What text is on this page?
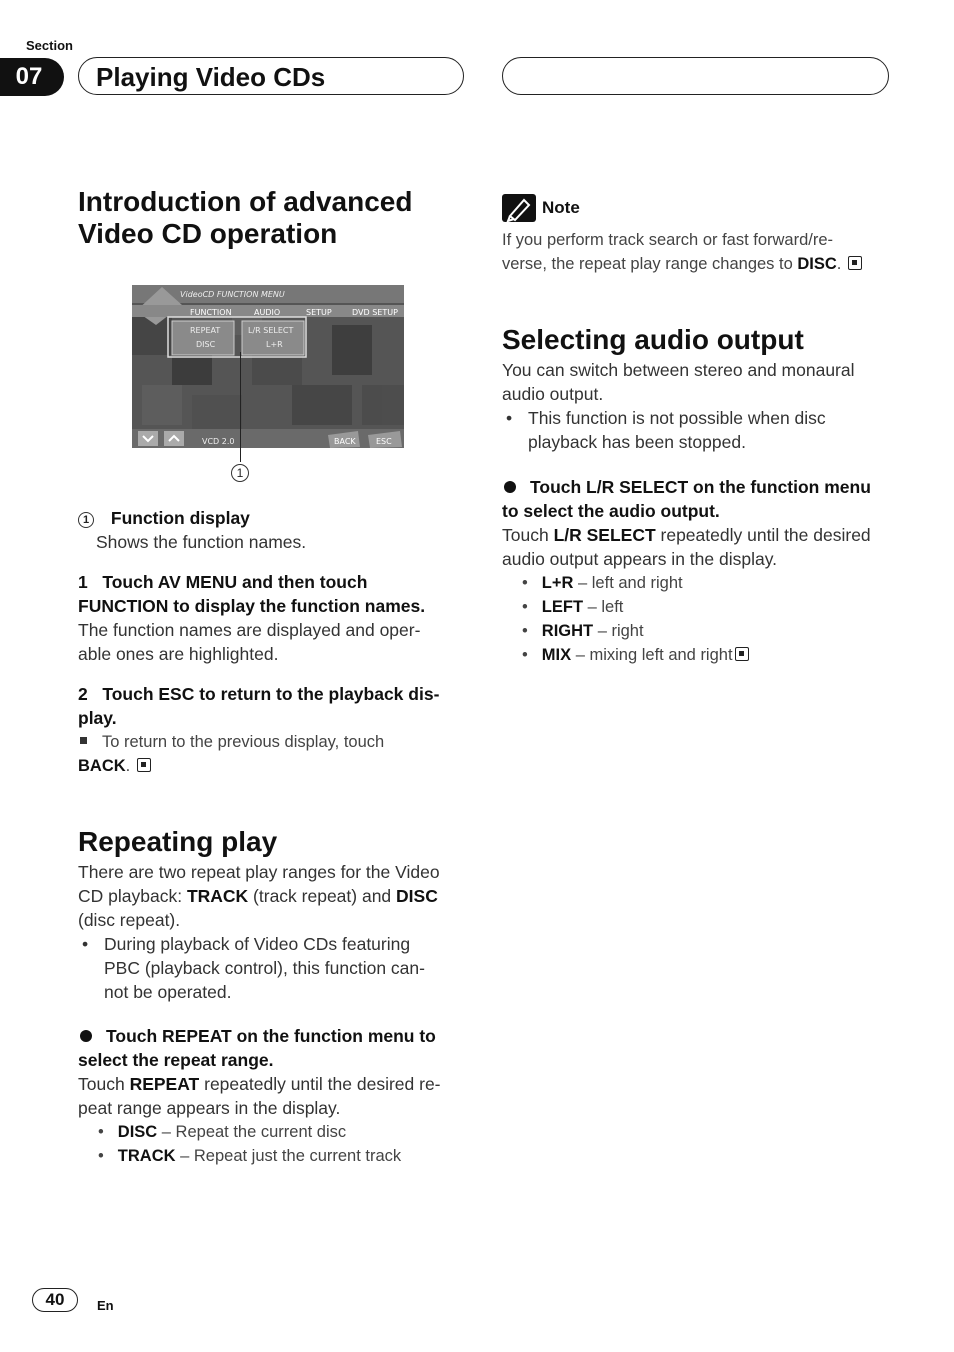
Section
07	Playing Video CDs
Introduction of advanced
Video CD operation
VideoCD FUNCTION MENU
FUNCTION	AUDIO	SETUP	DVD SETUP
REPEAT
DISC
L/R SELECT
L+R
VCD 2.0	BACK	ESC
1
1 Function display
Shows the function names.
1   Touch AV MENU and then touch
FUNCTION to display the function names.
The function names are displayed and oper-
able ones are highlighted.
2   Touch ESC to return to the playback dis-
play.
To return to the previous display, touch
BACK.
Repeating play
There are two repeat play ranges for the Video
CD playback: TRACK (track repeat) and DISC
(disc repeat).
• During playback of Video CDs featuring
PBC (playback control), this function can-
not be operated.
Touch REPEAT on the function menu to
select the repeat range.
Touch REPEAT repeatedly until the desired re-
peat range appears in the display.
• DISC – Repeat the current disc
• TRACK – Repeat just the current track
Note
If you perform track search or fast forward/re-
verse, the repeat play range changes to DISC.
Selecting audio output
You can switch between stereo and monaural
audio output.
• This function is not possible when disc
playback has been stopped.
Touch L/R SELECT on the function menu
to select the audio output.
Touch L/R SELECT repeatedly until the desired
audio output appears in the display.
• L+R – left and right
• LEFT – left
• RIGHT – right
• MIX – mixing left and right
40	En
